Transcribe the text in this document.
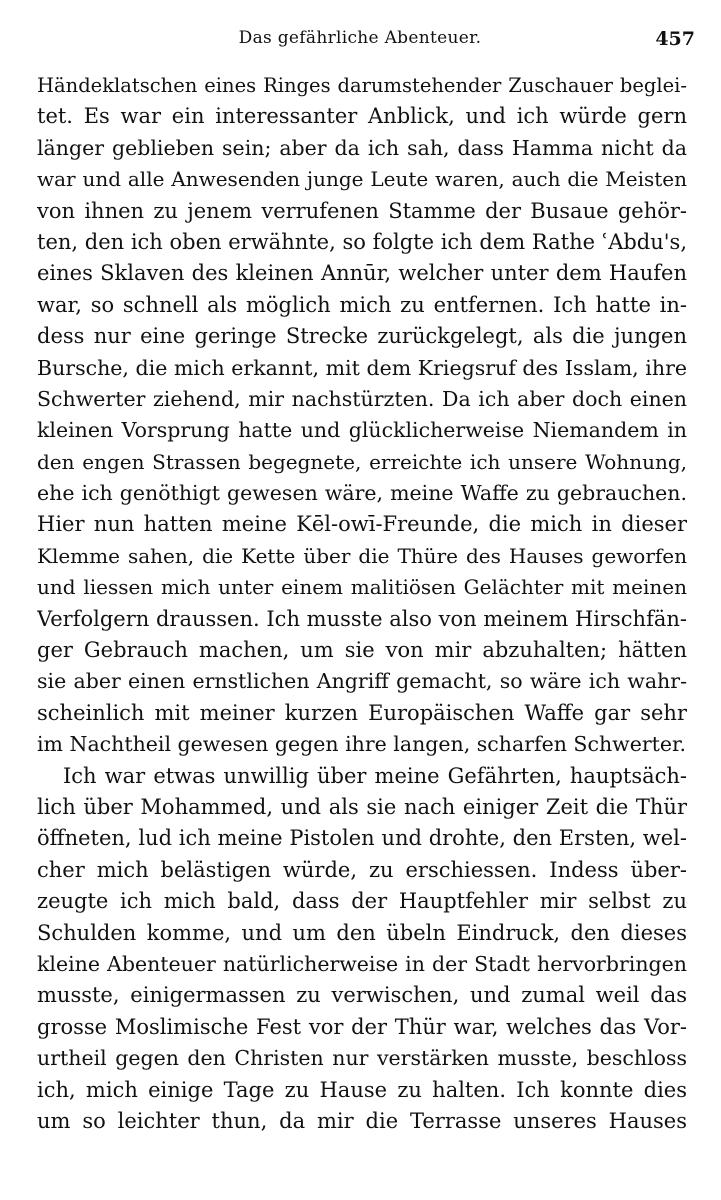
Das gefährliche Abenteuer.	457
Händeklatschen eines Ringes darumstehender Zuschauer beglei-
tet. Es war ein interessanter Anblick, und ich würde gern
länger geblieben sein; aber da ich sah, dass Hamma nicht da
war und alle Anwesenden junge Leute waren, auch die Meisten
von ihnen zu jenem verrufenen Stamme der Busaue gehör-
ten, den ich oben erwähnte, so folgte ich dem Rathe ʿAbdu's,
eines Sklaven des kleinen Annūr, welcher unter dem Haufen
war, so schnell als möglich mich zu entfernen. Ich hatte in-
dess nur eine geringe Strecke zurückgelegt, als die jungen
Bursche, die mich erkannt, mit dem Kriegsruf des Isslam, ihre
Schwerter ziehend, mir nachstürzten. Da ich aber doch einen
kleinen Vorsprung hatte und glücklicherweise Niemandem in
den engen Strassen begegnete, erreichte ich unsere Wohnung,
ehe ich genöthigt gewesen wäre, meine Waffe zu gebrauchen.
Hier nun hatten meine Kēl-owī-Freunde, die mich in dieser
Klemme sahen, die Kette über die Thüre des Hauses geworfen
und liessen mich unter einem malitiösen Gelächter mit meinen
Verfolgern draussen. Ich musste also von meinem Hirschfän-
ger Gebrauch machen, um sie von mir abzuhalten; hätten
sie aber einen ernstlichen Angriff gemacht, so wäre ich wahr-
scheinlich mit meiner kurzen Europäischen Waffe gar sehr
im Nachtheil gewesen gegen ihre langen, scharfen Schwerter.
Ich war etwas unwillig über meine Gefährten, hauptsäch-
lich über Mohammed, und als sie nach einiger Zeit die Thür
öffneten, lud ich meine Pistolen und drohte, den Ersten, wel-
cher mich belästigen würde, zu erschiessen. Indess über-
zeugte ich mich bald, dass der Hauptfehler mir selbst zu
Schulden komme, und um den übeln Eindruck, den dieses
kleine Abenteuer natürlicherweise in der Stadt hervorbringen
musste, einigermassen zu verwischen, und zumal weil das
grosse Moslimische Fest vor der Thür war, welches das Vor-
urtheil gegen den Christen nur verstärken musste, beschloss
ich, mich einige Tage zu Hause zu halten. Ich konnte dies
um so leichter thun, da mir die Terrasse unseres Hauses
